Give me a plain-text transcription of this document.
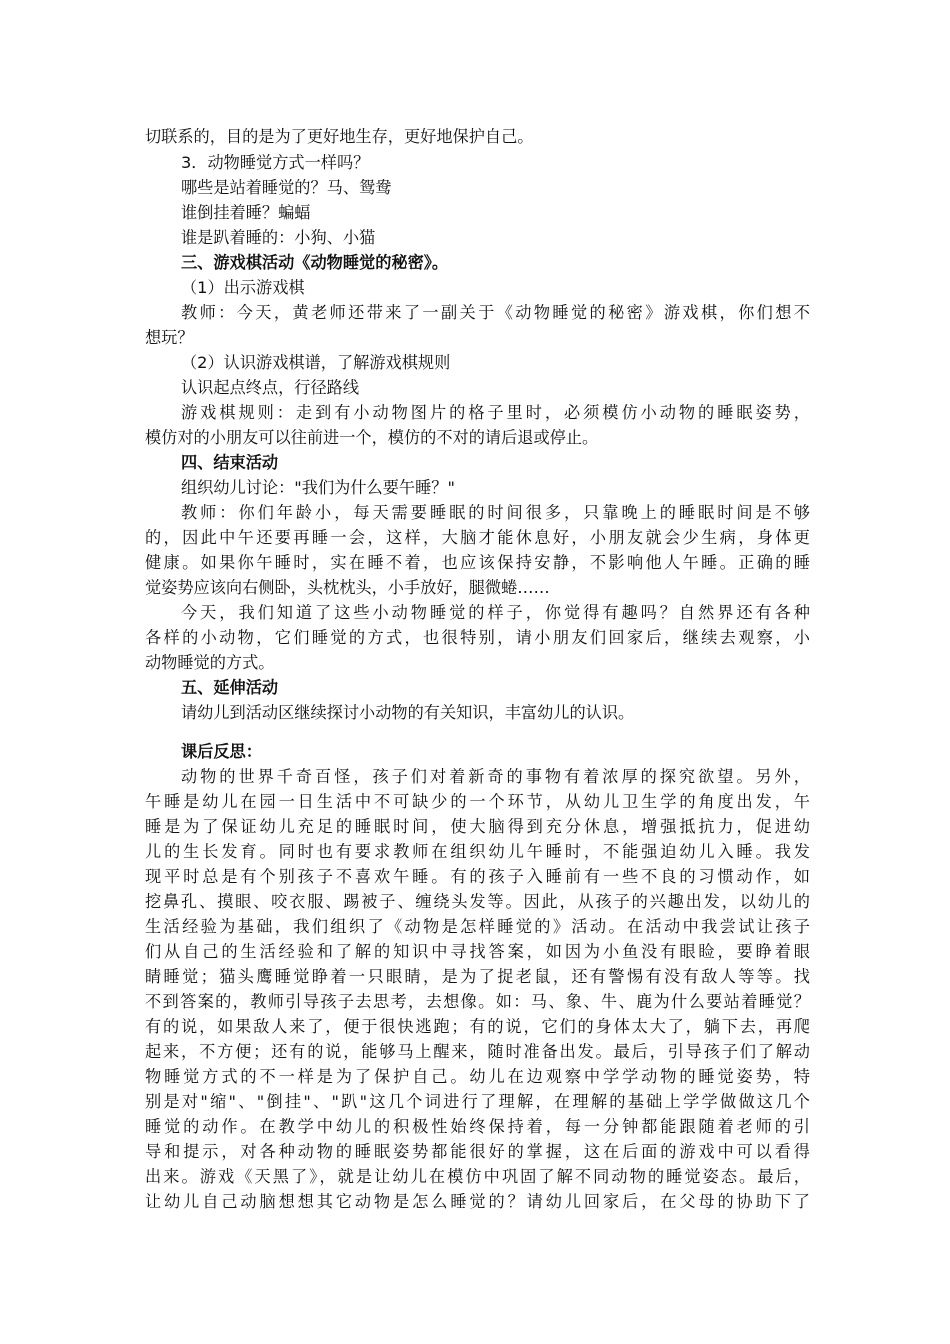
切联系的，目的是为了更好地生存，更好地保护自己。
3．动物睡觉方式一样吗？
哪些是站着睡觉的？马、鸳鸯
谁倒挂着睡？蝙蝠
谁是趴着睡的：小狗、小猫
三、游戏棋活动《动物睡觉的秘密》。
（1）出示游戏棋
教师：今天，黄老师还带来了一副关于《动物睡觉的秘密》游戏棋，你们想不
想玩？
（2）认识游戏棋谱，了解游戏棋规则
认识起点终点，行径路线
游戏棋规则：走到有小动物图片的格子里时，必须模仿小动物的睡眠姿势，
模仿对的小朋友可以往前进一个，模仿的不对的请后退或停止。
四、结束活动
组织幼儿讨论："我们为什么要午睡？"
教师：你们年龄小，每天需要睡眠的时间很多，只靠晚上的睡眠时间是不够
的，因此中午还要再睡一会，这样，大脑才能休息好，小朋友就会少生病，身体更
健康。如果你午睡时，实在睡不着，也应该保持安静，不影响他人午睡。正确的睡
觉姿势应该向右侧卧，头枕枕头，小手放好，腿微蜷……
今天，我们知道了这些小动物睡觉的样子，你觉得有趣吗？自然界还有各种
各样的小动物，它们睡觉的方式，也很特别，请小朋友们回家后，继续去观察，小
动物睡觉的方式。
五、延伸活动
请幼儿到活动区继续探讨小动物的有关知识，丰富幼儿的认识。
课后反思：
动物的世界千奇百怪，孩子们对着新奇的事物有着浓厚的探究欲望。另外，
午睡是幼儿在园一日生活中不可缺少的一个环节，从幼儿卫生学的角度出发，午
睡是为了保证幼儿充足的睡眠时间，使大脑得到充分休息，增强抵抗力，促进幼
儿的生长发育。同时也有要求教师在组织幼儿午睡时，不能强迫幼儿入睡。我发
现平时总是有个别孩子不喜欢午睡。有的孩子入睡前有一些不良的习惯动作，如
挖鼻孔、摸眼、咬衣服、踢被子、缠绕头发等。因此，从孩子的兴趣出发，以幼儿的
生活经验为基础，我们组织了《动物是怎样睡觉的》活动。在活动中我尝试让孩子
们从自己的生活经验和了解的知识中寻找答案，如因为小鱼没有眼睑，要睁着眼
睛睡觉；猫头鹰睡觉睁着一只眼睛，是为了捉老鼠，还有警惕有没有敌人等等。找
不到答案的，教师引导孩子去思考，去想像。如：马、象、牛、鹿为什么要站着睡觉？
有的说，如果敌人来了，便于很快逃跑；有的说，它们的身体太大了，躺下去，再爬
起来，不方便；还有的说，能够马上醒来，随时准备出发。最后，引导孩子们了解动
物睡觉方式的不一样是为了保护自己。幼儿在边观察中学学动物的睡觉姿势，特
别是对"缩"、"倒挂"、"趴"这几个词进行了理解，在理解的基础上学学做做这几个
睡觉的动作。在教学中幼儿的积极性始终保持着，每一分钟都能跟随着老师的引
导和提示，对各种动物的睡眠姿势都能很好的掌握，这在后面的游戏中可以看得
出来。游戏《天黑了》，就是让幼儿在模仿中巩固了解不同动物的睡觉姿态。最后，
让幼儿自己动脑想想其它动物是怎么睡觉的？请幼儿回家后，在父母的协助下了
